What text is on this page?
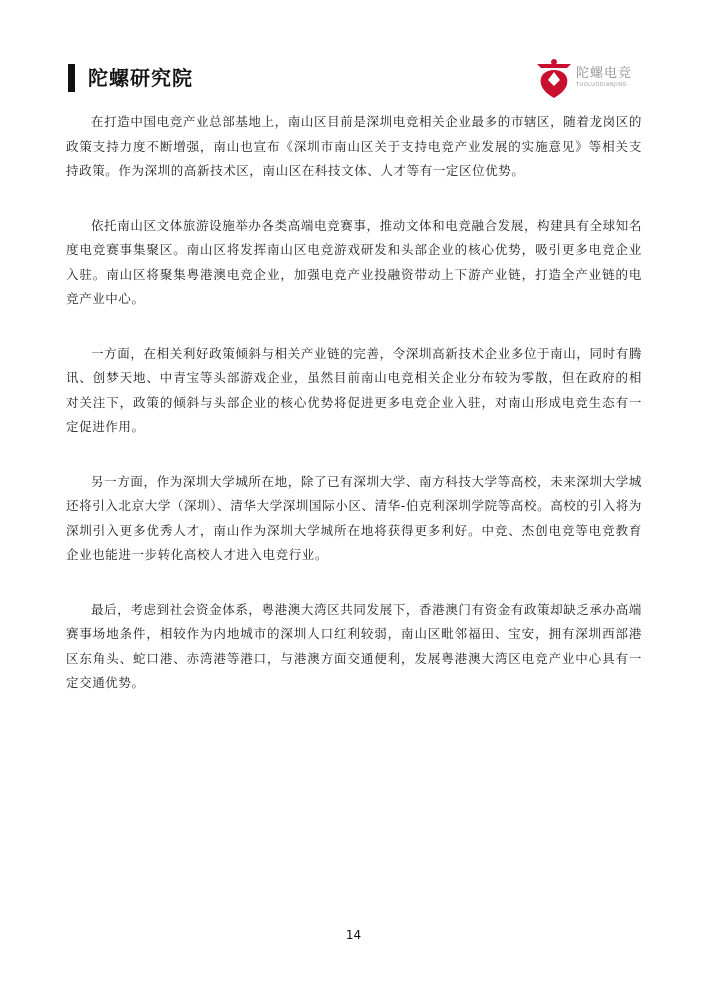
陀螺研究院	陀螺电竞
TUOLUODIANJING

在打造中国电竞产业总部基地上，南山区目前是深圳电竞相关企业最多的市辖区，随着龙岗区的政策支持力度不断增强，南山也宣布《深圳市南山区关于支持电竞产业发展的实施意见》等相关支持政策。作为深圳的高新技术区，南山区在科技文体、人才等有一定区位优势。

依托南山区文体旅游设施举办各类高端电竞赛事，推动文体和电竞融合发展，构建具有全球知名度电竞赛事集聚区。南山区将发挥南山区电竞游戏研发和头部企业的核心优势，吸引更多电竞企业入驻。南山区将聚集粤港澳电竞企业，加强电竞产业投融资带动上下游产业链，打造全产业链的电竞产业中心。

一方面，在相关利好政策倾斜与相关产业链的完善，令深圳高新技术企业多位于南山，同时有腾讯、创梦天地、中青宝等头部游戏企业，虽然目前南山电竞相关企业分布较为零散，但在政府的相对关注下，政策的倾斜与头部企业的核心优势将促进更多电竞企业入驻，对南山形成电竞生态有一定促进作用。

另一方面，作为深圳大学城所在地，除了已有深圳大学、南方科技大学等高校，未来深圳大学城还将引入北京大学（深圳）、清华大学深圳国际小区、清华-伯克利深圳学院等高校。高校的引入将为深圳引入更多优秀人才，南山作为深圳大学城所在地将获得更多利好。中竞、杰创电竞等电竞教育企业也能进一步转化高校人才进入电竞行业。

最后，考虑到社会资金体系，粤港澳大湾区共同发展下，香港澳门有资金有政策却缺乏承办高端赛事场地条件，相较作为内地城市的深圳人口红利较弱，南山区毗邻福田、宝安，拥有深圳西部港区东角头、蛇口港、赤湾港等港口，与港澳方面交通便利，发展粤港澳大湾区电竞产业中心具有一定交通优势。

14
